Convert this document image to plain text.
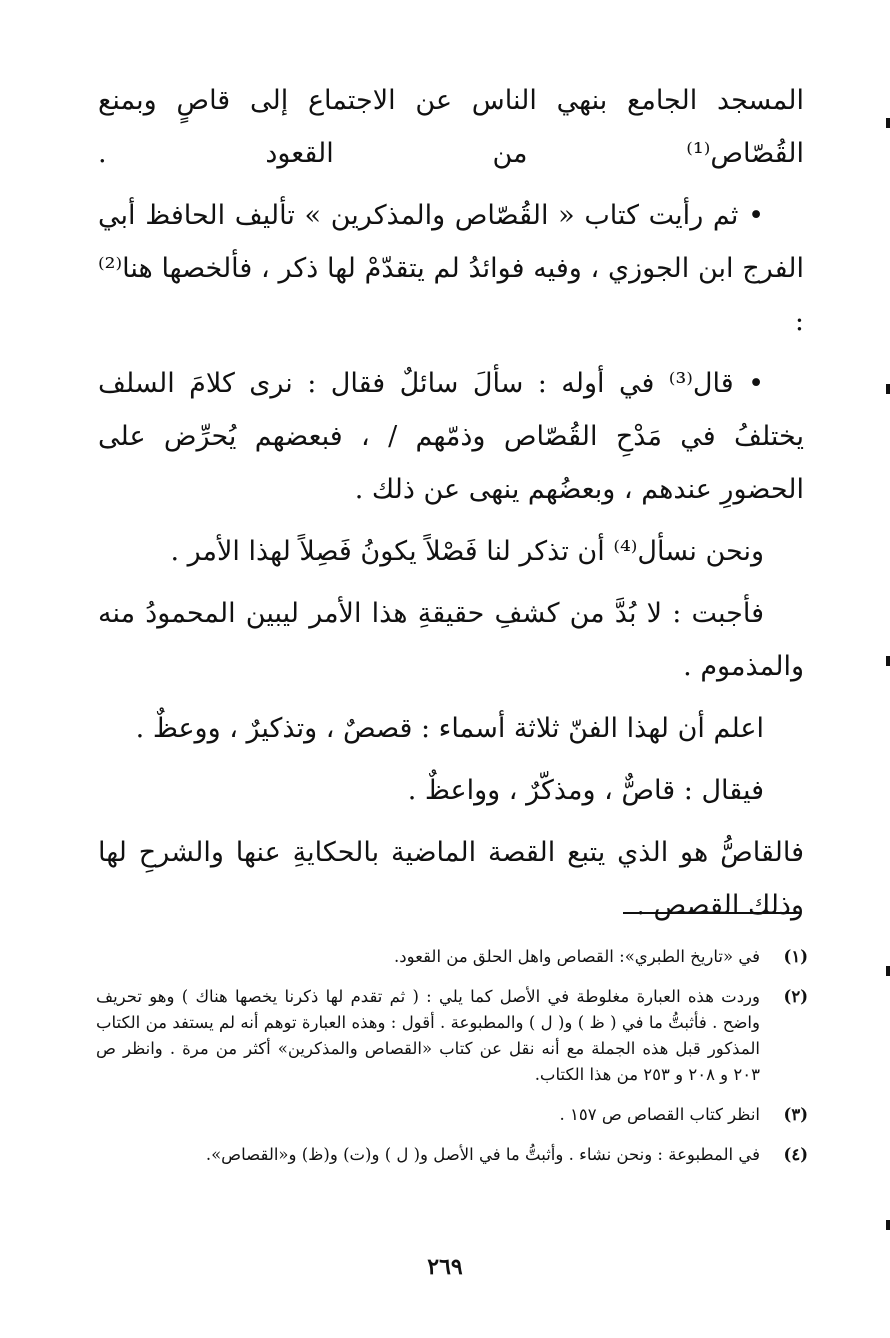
المسجد الجامع بنهي الناس عن الاجتماع إلى قاصٍ وبمنع القُصّاص⁽¹⁾ من القعود .

• ثم رأيت كتاب « القُصّاص والمذكرين » تأليف الحافظ أبي الفرج ابن الجوزي ، وفيه فوائدُ لم يتقدّمْ لها ذكر ، فألخصها هنا⁽²⁾ :

• قال⁽³⁾ في أوله : سألَ سائلٌ فقال : نرى كلامَ السلف يختلفُ في مَدْحِ القُصّاص وذمّهم / ، فبعضهم يُحرِّض على الحضورِ عندهم ، وبعضُهم ينهى عن ذلك .

ونحن نسأل⁽⁴⁾ أن تذكر لنا فَصْلاً يكونُ فَصِلاً لهذا الأمر .

فأجبت : لا بُدَّ من كشفِ حقيقةِ هذا الأمر ليبين المحمودُ منه والمذموم .

اعلم أن لهذا الفنّ ثلاثة أسماء : قصصٌ ، وتذكيرٌ ، ووعظٌ .

فيقال : قاصٌّ ، ومذكّرٌ ، وواعظٌ .

فالقاصُّ هو الذي يتبع القصة الماضية بالحكايةِ عنها والشرحِ لها وذلك القصص .

(١)
في «تاريخ الطبري»: القصاص واهل الحلق من القعود.
(٢)
وردت هذه العبارة مغلوطة في الأصل كما يلي : ( ثم تقدم لها ذكرنا يخصها هناك ) وهو تحريف واضح . فأثبتُّ ما في ( ظ ) و( ل ) والمطبوعة . أقول : وهذه العبارة توهم أنه لم يستفد من الكتاب المذكور قبل هذه الجملة مع أنه نقل عن كتاب «القصاص والمذكرين» أكثر من مرة . وانظر ص ٢٠٣ و ٢٠٨ و ٢٥٣ من هذا الكتاب.
(٣)
انظر كتاب القصاص ص ١٥٧ .
(٤)
في المطبوعة : ونحن نشاء . وأثبتُّ ما في الأصل و( ل ) و(ت) و(ظ) و«القصاص».
٢٦٩
